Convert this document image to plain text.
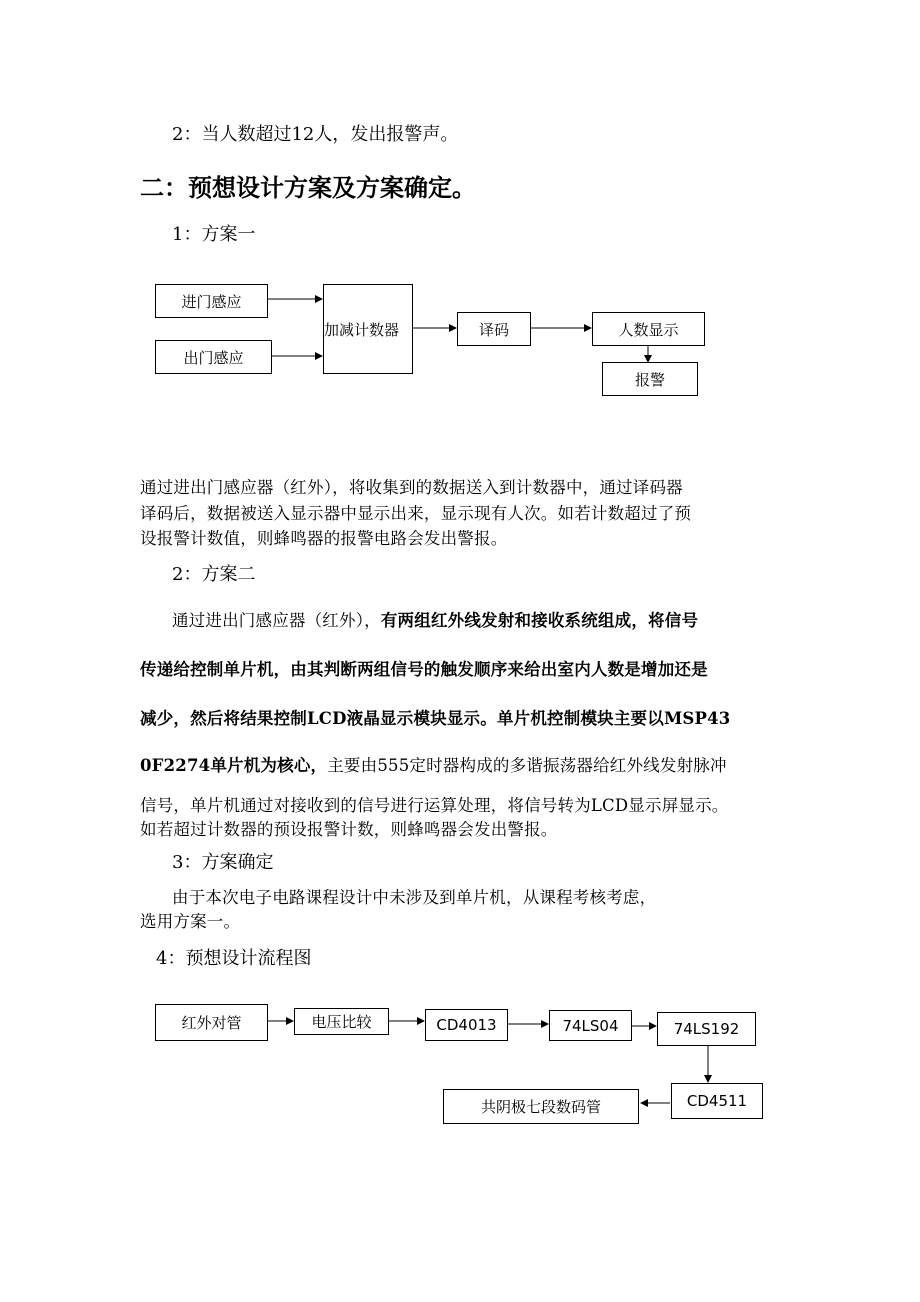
2：当人数超过12人，发出报警声。
二：预想设计方案及方案确定。
1：方案一
进门感应
出门感应
加减计数器	译码	人数显示
报警
通过进出门感应器（红外），将收集到的数据送入到计数器中，通过译码器
译码后，数据被送入显示器中显示出来，显示现有人次。如若计数超过了预
设报警计数值，则蜂鸣器的报警电路会发出警报。
2：方案二
通过进出门感应器（红外），有两组红外线发射和接收系统组成，将信号
传递给控制单片机，由其判断两组信号的触发顺序来给出室内人数是增加还是
减少，然后将结果控制LCD液晶显示模块显示。单片机控制模块主要以MSP43
0F2274单片机为核心，主要由555定时器构成的多谐振荡器给红外线发射脉冲
信号，单片机通过对接收到的信号进行运算处理，将信号转为LCD显示屏显示。
如若超过计数器的预设报警计数，则蜂鸣器会发出警报。
3：方案确定
由于本次电子电路课程设计中未涉及到单片机，从课程考核考虑，
选用方案一。
4：预想设计流程图
红外对管	电压比较	CD4013	74LS04	74LS192
CD4511
共阴极七段数码管
